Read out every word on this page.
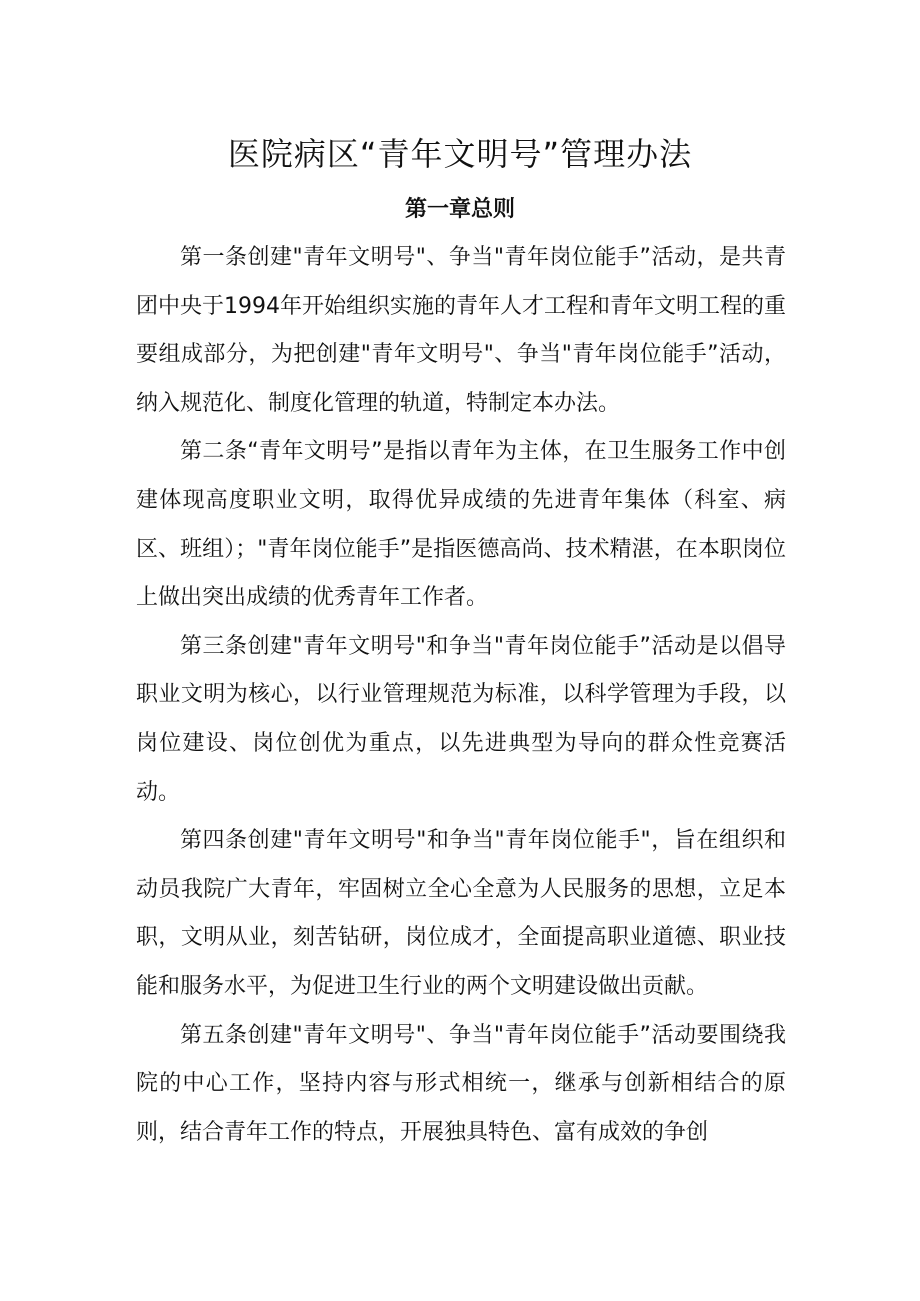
医院病区“青年文明号”管理办法
第一章总则

第一条创建"青年文明号"、争当"青年岗位能手”活动，是共青团中央于1994年开始组织实施的青年人才工程和青年文明工程的重要组成部分，为把创建"青年文明号"、争当"青年岗位能手”活动，纳入规范化、制度化管理的轨道，特制定本办法。

第二条“青年文明号”是指以青年为主体，在卫生服务工作中创建体现高度职业文明，取得优异成绩的先进青年集体（科室、病区、班组）；"青年岗位能手”是指医德高尚、技术精湛，在本职岗位上做出突出成绩的优秀青年工作者。

第三条创建"青年文明号"和争当"青年岗位能手”活动是以倡导职业文明为核心，以行业管理规范为标准，以科学管理为手段，以岗位建设、岗位创优为重点，以先进典型为导向的群众性竞赛活动。

第四条创建"青年文明号"和争当"青年岗位能手"，旨在组织和动员我院广大青年，牢固树立全心全意为人民服务的思想，立足本职，文明从业，刻苦钻研，岗位成才，全面提高职业道德、职业技能和服务水平，为促进卫生行业的两个文明建设做出贡献。

第五条创建"青年文明号"、争当"青年岗位能手”活动要围绕我院的中心工作，坚持内容与形式相统一，继承与创新相结合的原则，结合青年工作的特点，开展独具特色、富有成效的争创
